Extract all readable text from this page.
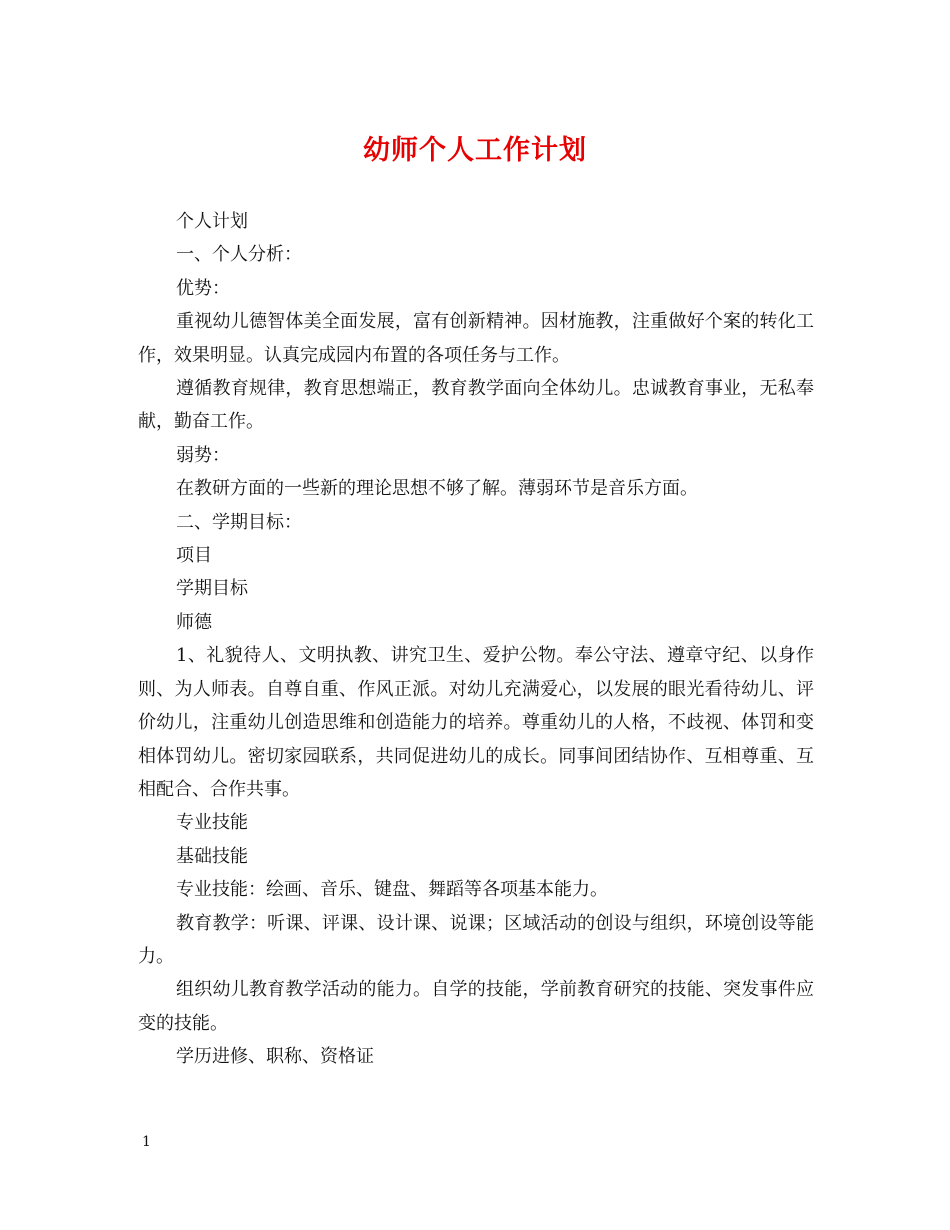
幼师个人工作计划

个人计划

一、个人分析：

优势：

重视幼儿德智体美全面发展，富有创新精神。因材施教，注重做好个案的转化工作，效果明显。认真完成园内布置的各项任务与工作。

遵循教育规律，教育思想端正，教育教学面向全体幼儿。忠诚教育事业，无私奉献，勤奋工作。

弱势：

在教研方面的一些新的理论思想不够了解。薄弱环节是音乐方面。

二、学期目标：

项目

学期目标

师德

1、礼貌待人、文明执教、讲究卫生、爱护公物。奉公守法、遵章守纪、以身作则、为人师表。自尊自重、作风正派。对幼儿充满爱心，以发展的眼光看待幼儿、评价幼儿，注重幼儿创造思维和创造能力的培养。尊重幼儿的人格，不歧视、体罚和变相体罚幼儿。密切家园联系，共同促进幼儿的成长。同事间团结协作、互相尊重、互相配合、合作共事。

专业技能

基础技能

专业技能：绘画、音乐、键盘、舞蹈等各项基本能力。

教育教学：听课、评课、设计课、说课；区域活动的创设与组织，环境创设等能力。

组织幼儿教育教学活动的能力。自学的技能，学前教育研究的技能、突发事件应变的技能。

学历进修、职称、资格证

1
